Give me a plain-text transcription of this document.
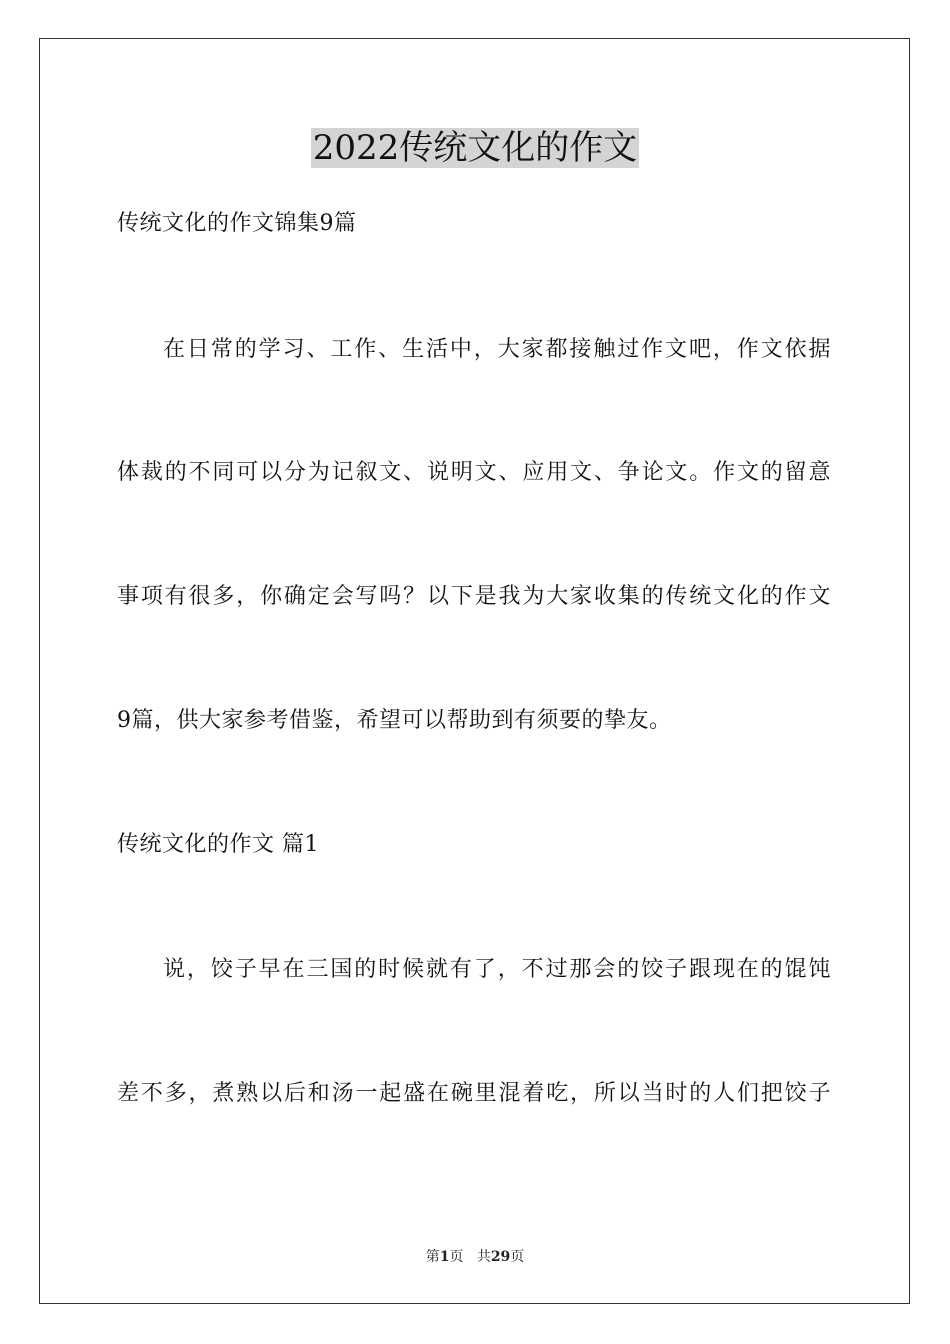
2022传统文化的作文
传统文化的作文锦集9篇
在日常的学习、工作、生活中，大家都接触过作文吧，作文依据
体裁的不同可以分为记叙文、说明文、应用文、争论文。作文的留意
事项有很多，你确定会写吗？以下是我为大家收集的传统文化的作文
9篇，供大家参考借鉴，希望可以帮助到有须要的挚友。
传统文化的作文 篇1
说，饺子早在三国的时候就有了，不过那会的饺子跟现在的馄饨
差不多，煮熟以后和汤一起盛在碗里混着吃，所以当时的人们把饺子
第1页 共29页
